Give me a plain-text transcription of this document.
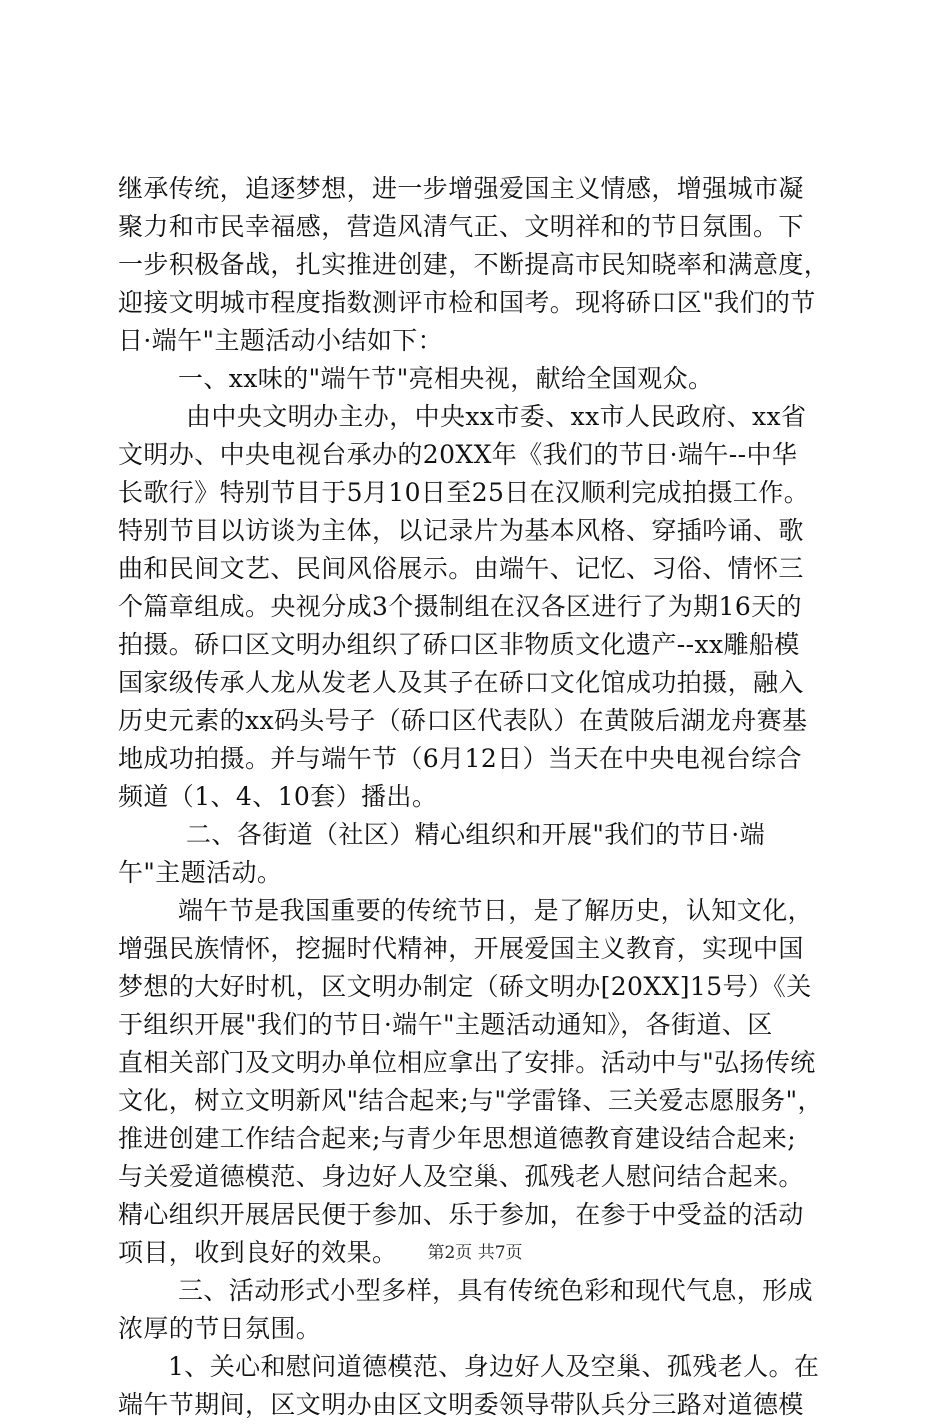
继承传统，追逐梦想，进一步增强爱国主义情感，增强城市凝
聚力和市民幸福感，营造风清气正、文明祥和的节日氛围。下
一步积极备战，扎实推进创建，不断提高市民知晓率和满意度，
迎接文明城市程度指数测评市检和国考。现将硚口区"我们的节
日·端午"主题活动小结如下：
一、xx味的"端午节"亮相央视，献给全国观众。
由中央文明办主办，中央xx市委、xx市人民政府、xx省
文明办、中央电视台承办的20XX年《我们的节日·端午--中华
长歌行》特别节目于5月10日至25日在汉顺利完成拍摄工作。
特别节目以访谈为主体，以记录片为基本风格、穿插吟诵、歌
曲和民间文艺、民间风俗展示。由端午、记忆、习俗、情怀三
个篇章组成。央视分成3个摄制组在汉各区进行了为期16天的
拍摄。硚口区文明办组织了硚口区非物质文化遗产--xx雕船模
国家级传承人龙从发老人及其子在硚口文化馆成功拍摄，融入
历史元素的xx码头号子（硚口区代表队）在黄陂后湖龙舟赛基
地成功拍摄。并与端午节（6月12日）当天在中央电视台综合
频道（1、4、10套）播出。
二、各街道（社区）精心组织和开展"我们的节日·端
午"主题活动。
端午节是我国重要的传统节日，是了解历史，认知文化，
增强民族情怀，挖掘时代精神，开展爱国主义教育，实现中国
梦想的大好时机，区文明办制定（硚文明办[20XX]15号）《关
于组织开展"我们的节日·端午"主题活动通知》，各街道、区
直相关部门及文明办单位相应拿出了安排。活动中与"弘扬传统
文化，树立文明新风"结合起来;与"学雷锋、三关爱志愿服务"，
推进创建工作结合起来;与青少年思想道德教育建设结合起来;
与关爱道德模范、身边好人及空巢、孤残老人慰问结合起来。
精心组织开展居民便于参加、乐于参加，在参于中受益的活动
项目，收到良好的效果。
三、活动形式小型多样，具有传统色彩和现代气息，形成
浓厚的节日氛围。
1、关心和慰问道德模范、身边好人及空巢、孤残老人。在
端午节期间，区文明办由区文明委领导带队兵分三路对道德模
第2页 共7页
